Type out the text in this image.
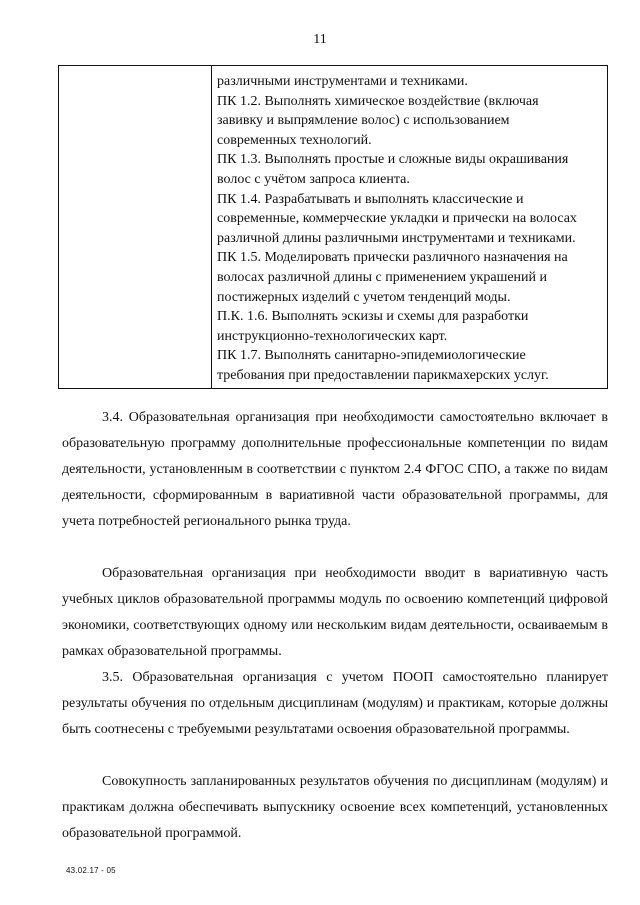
11
различными инструментами и техниками.
ПК 1.2. Выполнять химическое воздействие (включая
завивку и выпрямление волос) с использованием
современных технологий.
ПК 1.3. Выполнять простые и сложные виды окрашивания
волос с учётом запроса клиента.
ПК 1.4. Разрабатывать и выполнять классические и
современные, коммерческие укладки и прически на волосах
различной длины различными инструментами и техниками.
ПК 1.5. Моделировать прически различного назначения на
волосах различной длины с применением украшений и
постижерных изделий с учетом тенденций моды.
П.К. 1.6. Выполнять эскизы и схемы для разработки
инструкционно-технологических карт.
ПК 1.7. Выполнять санитарно-эпидемиологические
требования при предоставлении парикмахерских услуг.

3.4. Образовательная организация при необходимости самостоятельно включает в образовательную программу дополнительные профессиональные компетенции по видам деятельности, установленным в соответствии с пунктом 2.4 ФГОС СПО, а также по видам деятельности, сформированным в вариативной части образовательной программы, для учета потребностей регионального рынка труда.

Образовательная организация при необходимости вводит в вариативную часть учебных циклов образовательной программы модуль по освоению компетенций цифровой экономики, соответствующих одному или нескольким видам деятельности, осваиваемым в рамках образовательной программы.

3.5. Образовательная организация с учетом ПООП самостоятельно планирует результаты обучения по отдельным дисциплинам (модулям) и практикам, которые должны быть соотнесены с требуемыми результатами освоения образовательной программы.

Совокупность запланированных результатов обучения по дисциплинам (модулям) и практикам должна обеспечивать выпускнику освоение всех компетенций, установленных образовательной программой.

43.02.17 - 05
